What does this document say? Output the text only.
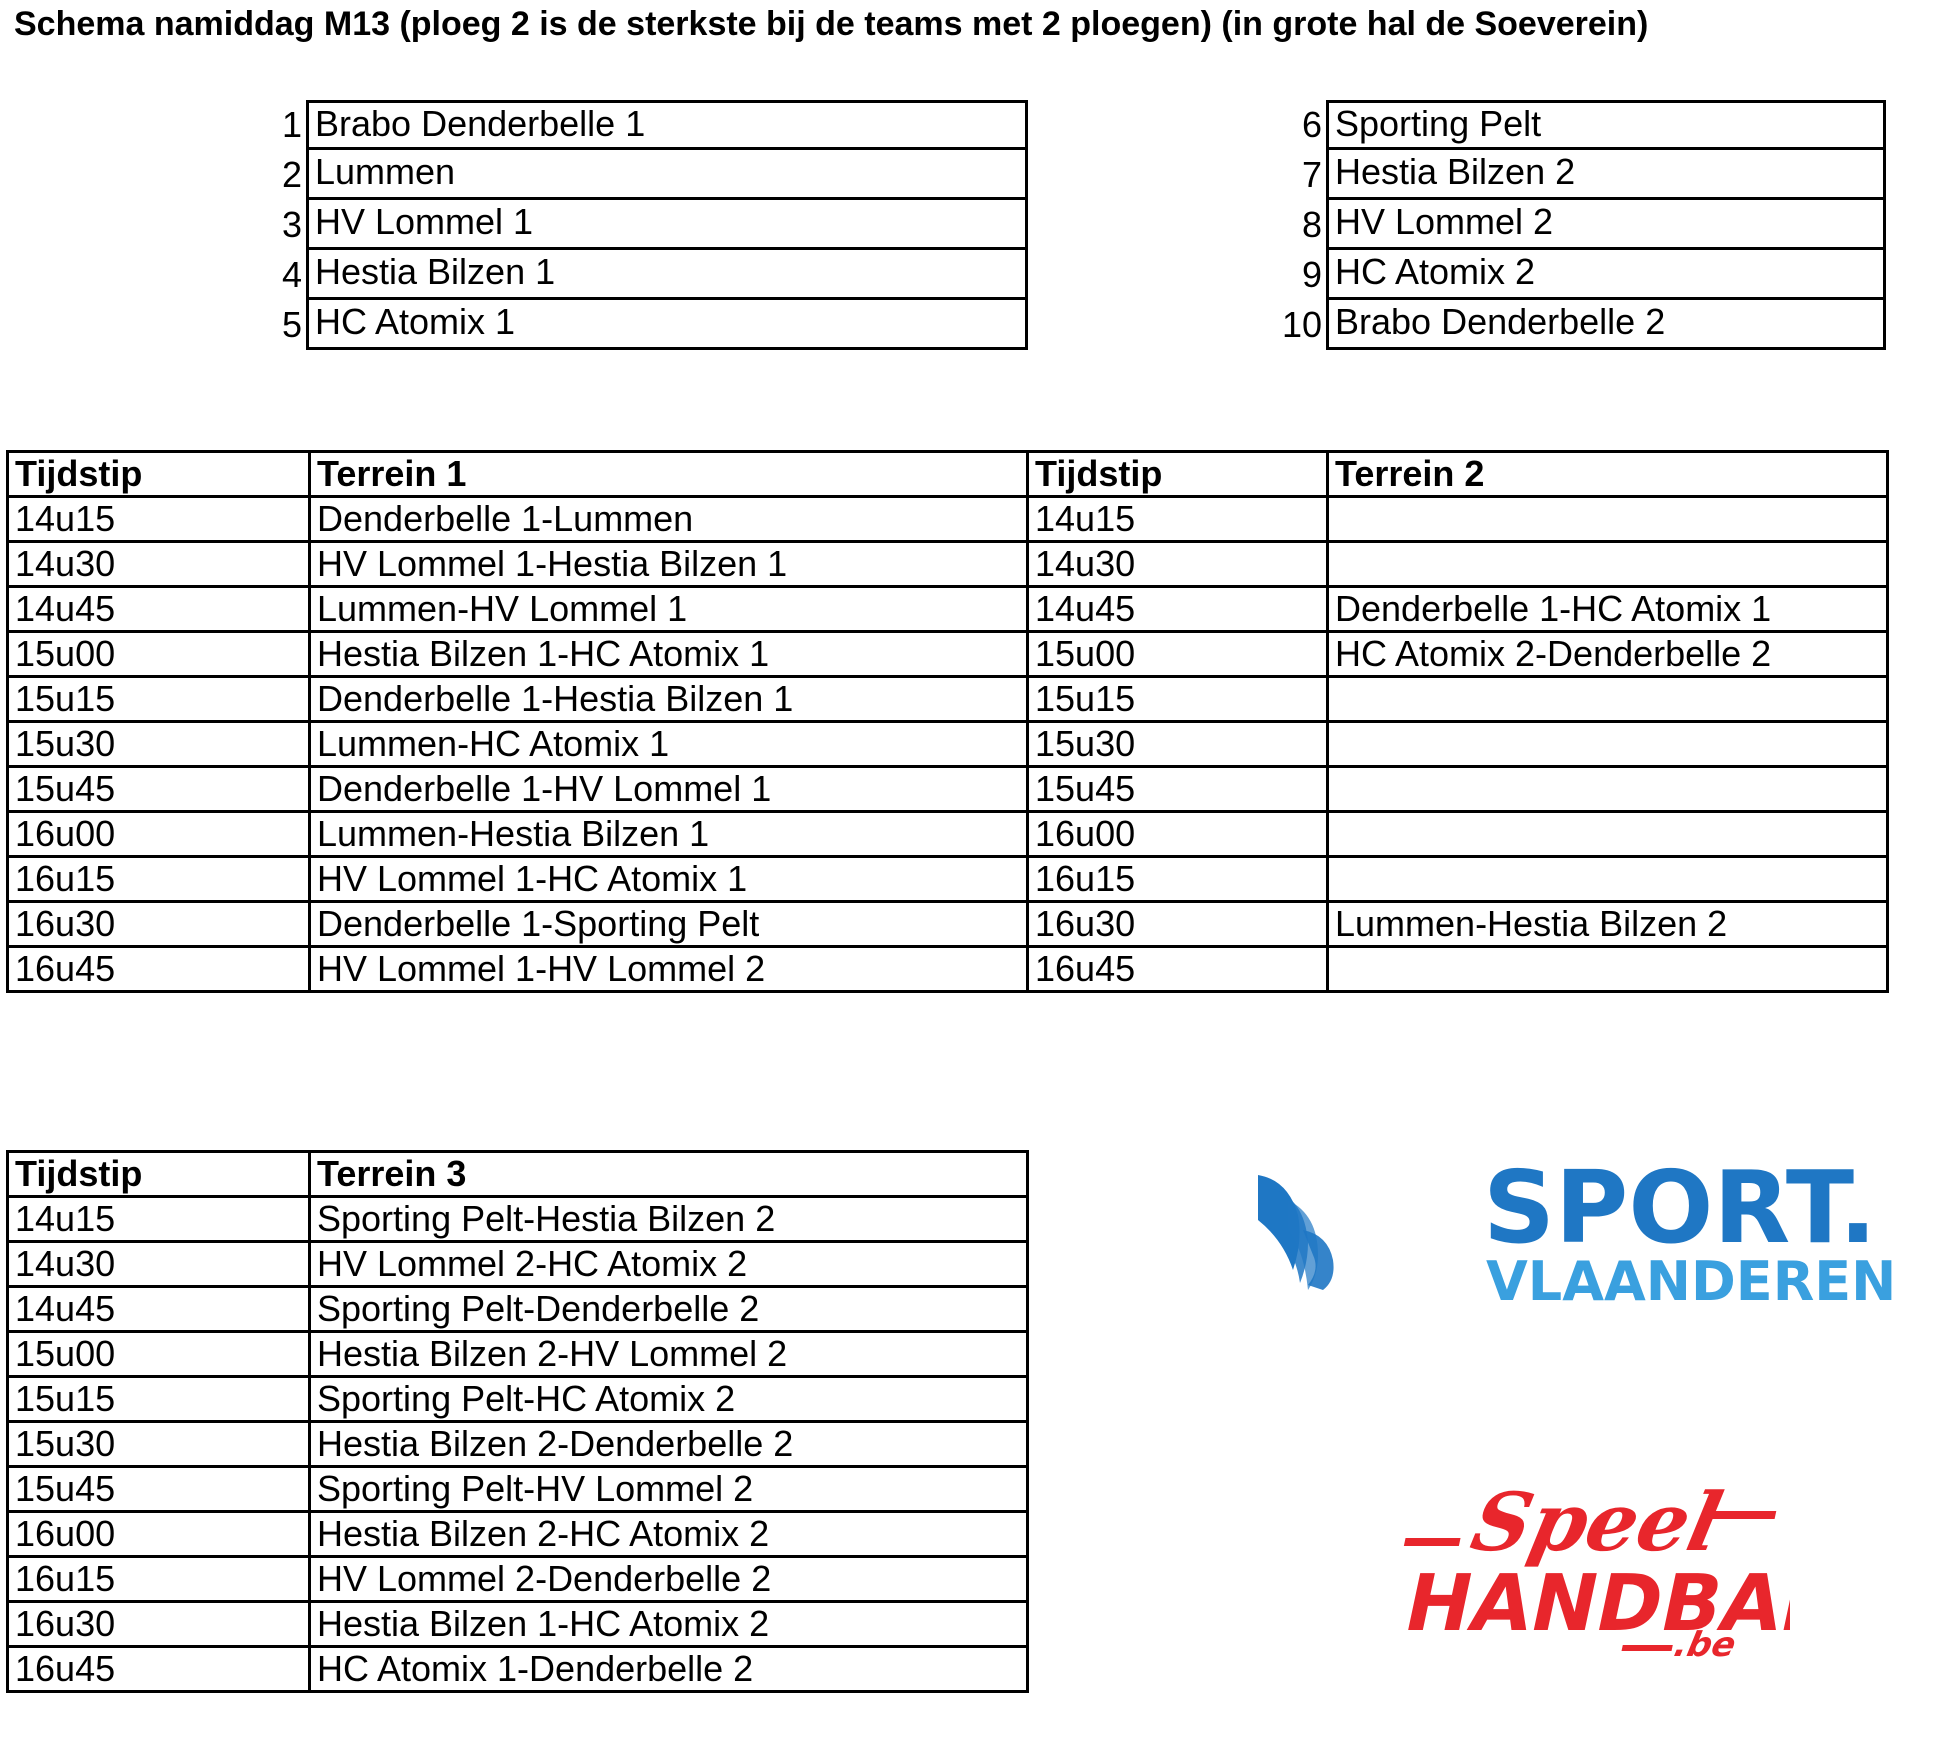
Schema namiddag M13 (ploeg 2 is de sterkste bij de teams met 2 ploegen) (in grote hal de Soeverein)
1 Brabo Denderbelle 1
2 Lummen
3 HV Lommel 1
4 Hestia Bilzen 1
5 HC Atomix 1
6 Sporting Pelt
7 Hestia Bilzen 2
8 HV Lommel 2
9 HC Atomix 2
10 Brabo Denderbelle 2
Tijdstip	Terrein 1	Tijdstip	Terrein 2
14u15	Denderbelle 1-Lummen	14u15	
14u30	HV Lommel 1-Hestia Bilzen 1	14u30	
14u45	Lummen-HV Lommel 1	14u45	Denderbelle 1-HC Atomix 1
15u00	Hestia Bilzen 1-HC Atomix 1	15u00	HC Atomix 2-Denderbelle 2
15u15	Denderbelle 1-Hestia Bilzen 1	15u15	
15u30	Lummen-HC Atomix 1	15u30	
15u45	Denderbelle 1-HV Lommel 1	15u45	
16u00	Lummen-Hestia Bilzen 1	16u00	
16u15	HV Lommel 1-HC Atomix 1	16u15	
16u30	Denderbelle 1-Sporting Pelt	16u30	Lummen-Hestia Bilzen 2
16u45	HV Lommel 1-HV Lommel 2	16u45	
Tijdstip	Terrein 3
14u15	Sporting Pelt-Hestia Bilzen 2
14u30	HV Lommel 2-HC Atomix 2
14u45	Sporting Pelt-Denderbelle 2
15u00	Hestia Bilzen 2-HV Lommel 2
15u15	Sporting Pelt-HC Atomix 2
15u30	Hestia Bilzen 2-Denderbelle 2
15u45	Sporting Pelt-HV Lommel 2
16u00	Hestia Bilzen 2-HC Atomix 2
16u15	HV Lommel 2-Denderbelle 2
16u30	Hestia Bilzen 1-HC Atomix 2
16u45	HC Atomix 1-Denderbelle 2
SPORT.
VLAANDEREN
Speel
HANDBAL
.be
